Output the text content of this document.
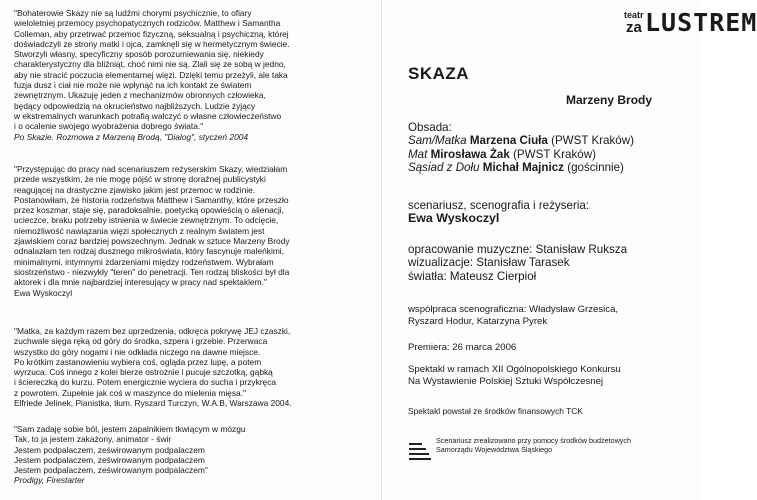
"Bohaterowie Skazy nie są ludźmi chorymi psychicznie, to ofiary

wieloletniej przemocy psychopatycznych rodziców. Matthew i Samantha

Colleman, aby przetrwać przemoc fizyczną, seksualną i psychiczną, której

doświadczyli ze strony matki i ojca, zamknęli się w hermetycznym świecie.

Stworzyli własny, specyficzny sposób porozumiewania się, niekiedy

charakterystyczny dla bliźniąt, choć nimi nie są. Zlali się ze sobą w jedno,

aby nie stracić poczucia elementarnej więzi. Dzięki temu przeżyli, ale taka

fuzja dusz i ciał nie może nie wpłynąć na ich kontakt ze światem

zewnętrznym. Ukazuję jeden z mechanizmów obronnych człowieka,

będący odpowiedzią na okrucieństwo najbliższych. Ludzie żyjący

w ekstremalnych warunkach potrafią walczyć o własne człowieczeństwo

i o ocalenie swojego wyobrażenia dobrego świata."

Po Skazie. Rozmowa z Marzeną Brodą, "Dialog", styczeń 2004

"Przystępując do pracy nad scenariuszem reżyserskim Skazy, wiedziałam

przede wszystkim, że nie mogę pójść w stronę doraźnej publicystyki

reagującej na drastyczne zjawisko jakim jest przemoc w rodzinie.

Postanowiłam, że historia rodzeństwa Matthew i Samanthy, które przeszło

przez koszmar, staje się, paradoksalnie, poetycką opowieścią o alienacji,

ucieczce, braku potrzeby istnienia w świecie zewnętrznym. To odcięcie,

niemożliwość nawiązania więzi społecznych z realnym światem jest

zjawiskiem coraz bardziej powszechnym. Jednak w sztuce Marzeny Brody

odnalazłam ten rodzaj dusznego mikroświata, który fascynuje maleńkimi,

minimalnymi, intymnymi zdarzeniami między rodzeństwem. Wybrałam

siostrzeństwo - niezwykły "teren" do penetracji. Ten rodzaj bliskości był dla

aktorek i dla mnie najbardziej interesujący w pracy nad spektaklem."

Ewa Wyskoczyl

"Matka, za każdym razem bez uprzedzenia, odkręca pokrywę JEJ czaszki,

zuchwale sięga ręką od góry do środka, szpera i grzebie. Przerwaca

wszystko do góry nogami i nie odkłada niczego na dawne miejsce.

Po krótkim zastanowieniu wybiera coś, ogląda przez lupę, a potem

wyrzuca. Coś innego z kolei bierze ostrożnie i pucuje szczotką, gąbką

i ściereczką do kurzu. Potem energicznie wyciera do sucha i przykręca

z powrotem. Zupełnie jak coś w maszynce do mielenia mięsa."

Elfriede Jelinek, Pianistka, tłum. Ryszard Turczyn, W.A.B, Warszawa 2004.

"Sam zadaję sobie ból, jestem zapalnikiem tkwiącym w mózgu

Tak, to ja jestem zakażony, animator - świr

Jestem podpalaczem, ześwirowanym podpalaczem

Jestem podpalaczem, ześwirowanym podpalaczem

Jestem podpalaczem, ześwirowanym podpalaczem"

Prodigy, Firestarter

teatr
za LUSTREM
SKAZA
Marzeny Brody

Obsada:

Sam/Matka Marzena Ciuła (PWST Kraków)

Mat Mirosława Żak (PWST Kraków)

Sąsiad z Dołu Michał Majnicz (gościnnie)

scenariusz, scenografia i reżyseria:
Ewa Wyskoczyl

opracowanie muzyczne: Stanisław Ruksza

wizualizacje: Stanisław Tarasek

światła: Mateusz Cierpioł

współpraca scenograficzna: Władysław Grzesica,

Ryszard Hodur, Katarzyna Pyrek

Premiera: 26 marca 2006

Spektakl w ramach XII Ogólnopolskiego Konkursu

Na Wystawienie Polskiej Sztuki Współczesnej

Spektakl powstał ze środków finansowych TCK

Scenariusz zrealizowano przy pomocy środków budżetowych

Samorządu Województwa Śląskiego
